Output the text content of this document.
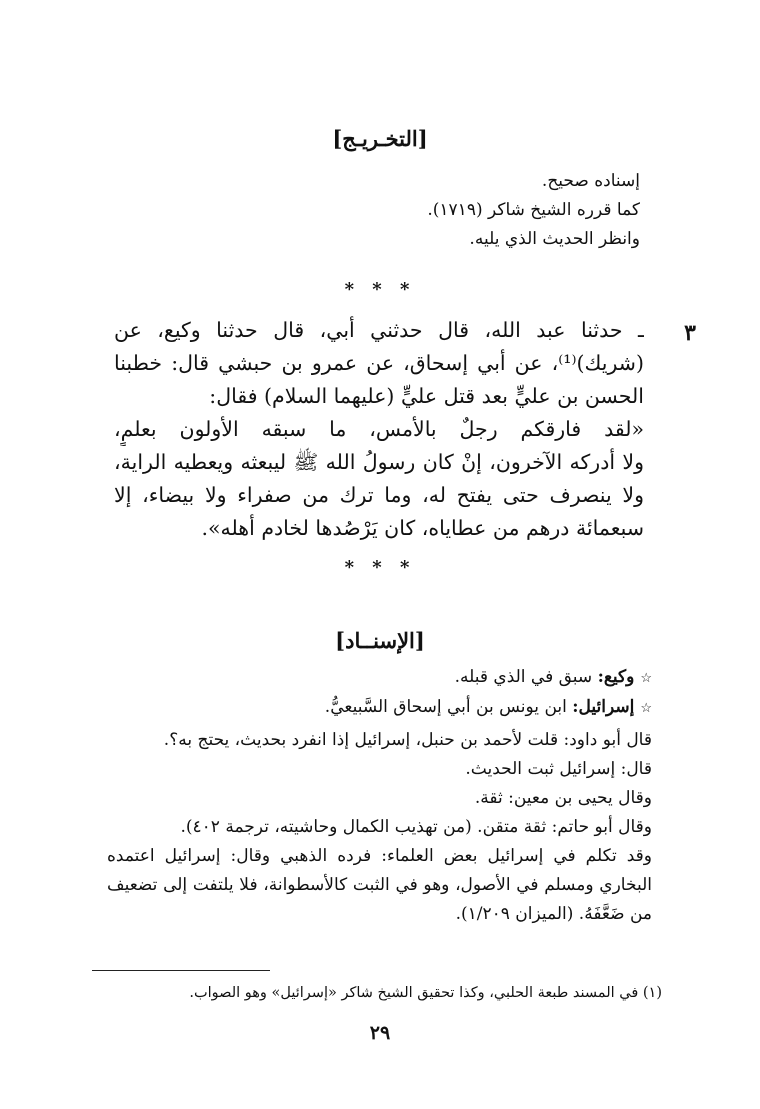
[التخـريـج]
إسناده صحيح.
كما قرره الشيخ شاكر (١٧١٩).
وانظر الحديث الذي يليه.
* * *
٣
ـ حدثنا عبد الله، قال حدثني أبي، قال حدثنا وكيع، عن
(شريك)⁽¹⁾، عن أبي إسحاق، عن عمرو بن حبشي قال: خطبنا
الحسن بن عليٍّ بعد قتل عليٍّ (عليهما السلام) فقال:
«لقد فارقكم رجلٌ بالأمس، ما سبقه الأولون بعلمٍ،
ولا أدركه الآخرون، إنْ كان رسولُ الله ﷺ ليبعثه ويعطيه الراية،
ولا ينصرف حتى يفتح له، وما ترك من صفراء ولا بيضاء، إلا
سبعمائة درهم من عطاياه، كان يَرْصُدها لخادم أهله».
* * *
[الإسنــاد]
☆وكيع: سبق في الذي قبله.
☆إسرائيل: ابن يونس بن أبي إسحاق السَّبيعيُّ.
قال أبو داود: قلت لأحمد بن حنبل، إسرائيل إذا انفرد بحديث، يحتج به؟.
قال: إسرائيل ثبت الحديث.
وقال يحيى بن معين: ثقة.
وقال أبو حاتم: ثقة متقن. (من تهذيب الكمال وحاشيته، ترجمة ٤٠٢).
وقد تكلم في إسرائيل بعض العلماء: فرده الذهبي وقال: إسرائيل اعتمده
البخاري ومسلم في الأصول، وهو في الثبت كالأسطوانة، فلا يلتفت إلى تضعيف
من ضَعَّفَهُ. (الميزان ١/٢٠٩).
(١) في المسند طبعة الحلبي، وكذا تحقيق الشيخ شاكر «إسرائيل» وهو الصواب.
٢٩
